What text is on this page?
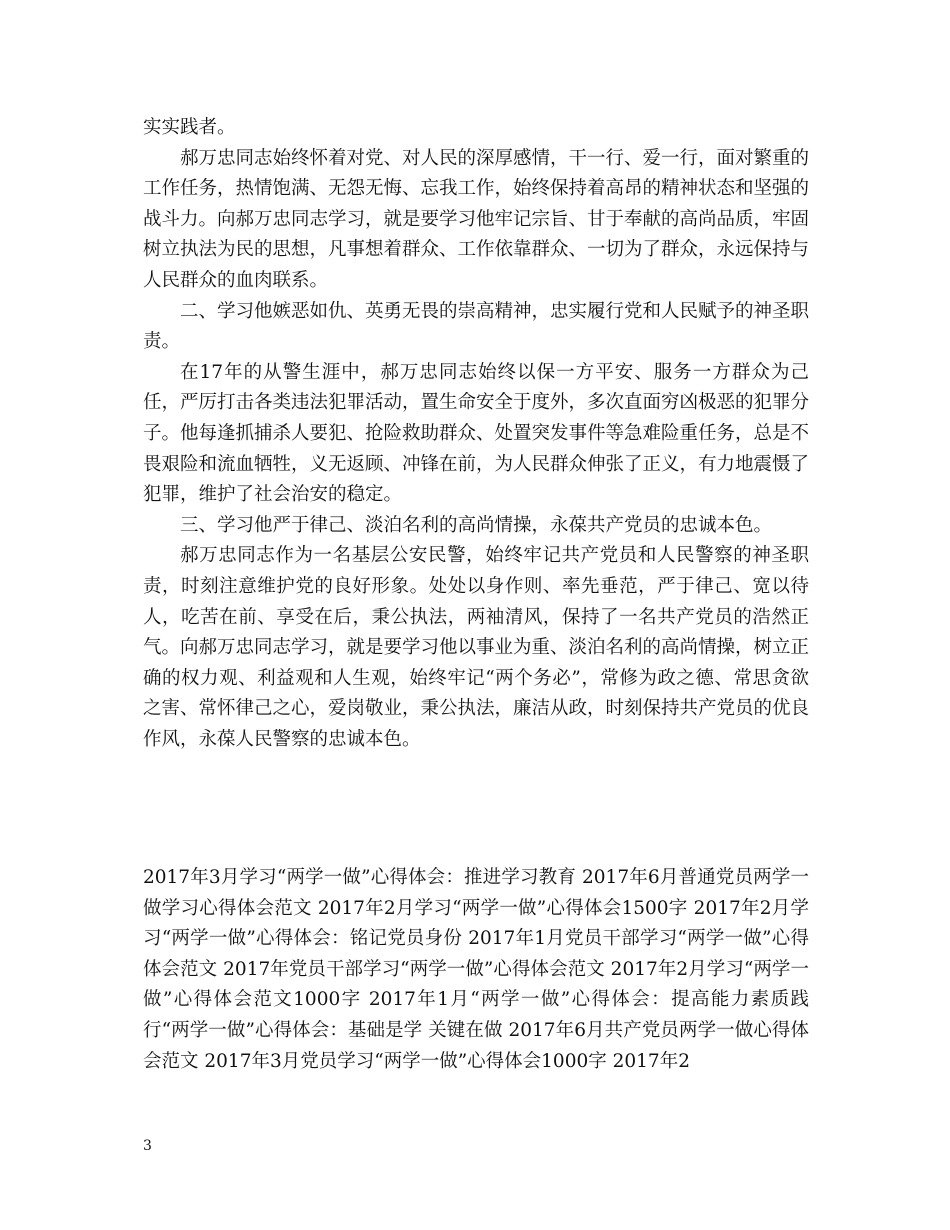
实实践者。

郝万忠同志始终怀着对党、对人民的深厚感情，干一行、爱一行，面对繁重的工作任务，热情饱满、无怨无悔、忘我工作，始终保持着高昂的精神状态和坚强的战斗力。向郝万忠同志学习，就是要学习他牢记宗旨、甘于奉献的高尚品质，牢固树立执法为民的思想，凡事想着群众、工作依靠群众、一切为了群众，永远保持与人民群众的血肉联系。

二、学习他嫉恶如仇、英勇无畏的崇高精神，忠实履行党和人民赋予的神圣职责。

在17年的从警生涯中，郝万忠同志始终以保一方平安、服务一方群众为己任，严厉打击各类违法犯罪活动，置生命安全于度外，多次直面穷凶极恶的犯罪分子。他每逢抓捕杀人要犯、抢险救助群众、处置突发事件等急难险重任务，总是不畏艰险和流血牺牲，义无返顾、冲锋在前，为人民群众伸张了正义，有力地震慑了犯罪，维护了社会治安的稳定。

三、学习他严于律己、淡泊名利的高尚情操，永葆共产党员的忠诚本色。

郝万忠同志作为一名基层公安民警，始终牢记共产党员和人民警察的神圣职责，时刻注意维护党的良好形象。处处以身作则、率先垂范，严于律己、宽以待人，吃苦在前、享受在后，秉公执法，两袖清风，保持了一名共产党员的浩然正气。向郝万忠同志学习，就是要学习他以事业为重、淡泊名利的高尚情操，树立正确的权力观、利益观和人生观，始终牢记“两个务必”，常修为政之德、常思贪欲之害、常怀律己之心，爱岗敬业，秉公执法，廉洁从政，时刻保持共产党员的优良作风，永葆人民警察的忠诚本色。

2017年3月学习“两学一做”心得体会：推进学习教育 2017年6月普通党员两学一做学习心得体会范文 2017年2月学习“两学一做”心得体会1500字 2017年2月学习“两学一做”心得体会：铭记党员身份 2017年1月党员干部学习“两学一做”心得体会范文 2017年党员干部学习“两学一做”心得体会范文 2017年2月学习“两学一做”心得体会范文1000字 2017年1月“两学一做”心得体会：提高能力素质践行“两学一做”心得体会：基础是学 关键在做 2017年6月共产党员两学一做心得体会范文 2017年3月党员学习“两学一做”心得体会1000字 2017年2
3
